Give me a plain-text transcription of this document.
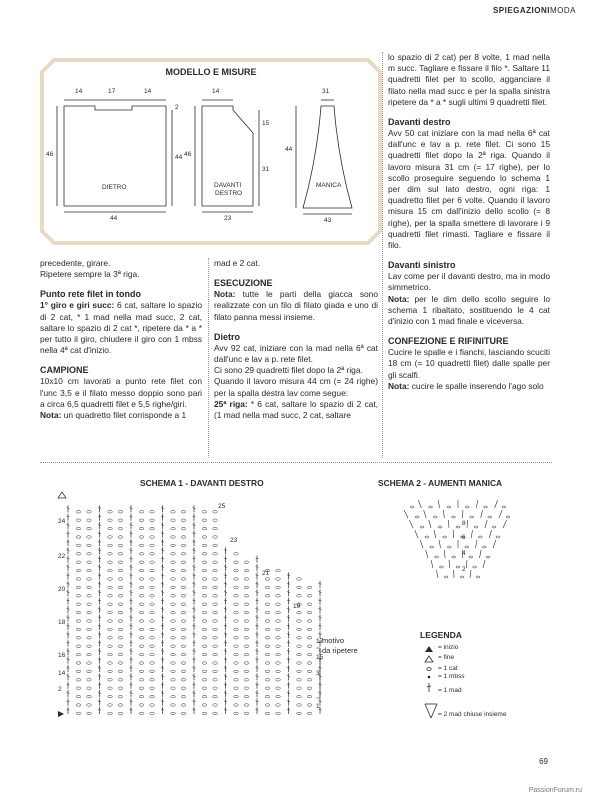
SPIEGAZIONIMODA
MODELLO E MISURE
14	17	14
2
46	44
44
DIETRO
14
15
31
46
23
DAVANTI
DESTRO
31
44
43
MANICA

precedente, girare.

Ripetere sempre la 3ª riga.

Punto rete filet in tondo

1° giro e giri succ: 6 cat, saltare lo spazio di 2 cat, * 1 mad nella mad succ, 2 cat, saltare lo spazio di 2 cat *, ripetere da * a * per tutto il giro, chiudere il giro con 1 mbss nella 4ª cat d'inizio.

CAMPIONE

10x10 cm lavorati a punto rete filet con l'unc 3,5 e il filato messo doppio sono pari a circa 6,5 quadretti filet e 5,5 righe/giri.

Nota: un quadretto filet corrisponde a 1

mad e 2 cat.

ESECUZIONE

Nota: tutte le parti della giacca sono realizzate con un filo di filato giada e uno di filato panna messi insieme.

Dietro

Avv 92 cat, iniziare con la mad nella 6ª cat dall'unc e lav a p. rete filet.

Ci sono 29 quadretti filet dopo la 2ª riga.

Quando il lavoro misura 44 cm (= 24 righe) per la spalla destra lav come segue:

25ª riga: * 6 cat, saltare lo spazio di 2 cat, (1 mad nella mad succ, 2 cat, saltare

lo spazio di 2 cat) per 8 volte, 1 mad nella m succ. Tagliare e fissare il filo *. Saltare 11 quadretti filet per lo scollo, agganciare il filato nella mad succ e per la spalla sinistra ripetere da * a * sugli ultimi 9 quadretti filet.

Davanti destro

Avv 50 cat iniziare con la mad nella 6ª cat dall'unc e lav a p. rete filet. Ci sono 15 quadretti filet dopo la 2ª riga. Quando il lavoro misura 31 cm (= 17 righe), per lo scollo proseguire seguendo lo schema 1 per dim sul lato destro, ogni riga: 1 quadretto filet per 6 volte. Quando il lavoro misura 15 cm dall'inizio dello scollo (= 8 righe), per la spalla smettere di lavorare i 9 quadretti filet rimasti. Tagliare e fissare il filo.

Davanti sinistro

Lav come per il davanti destro, ma in modo simmetrico.

Nota: per le dim dello scollo seguire lo schema 1 ribaltato, sostituendo le 4 cat d'inizio con 1 mad finale e viceversa.

CONFEZIONE E RIFINITURE

Cucire le spalle e i fianchi, lasciando scuciti 18 cm (= 10 quadretti filet) dalle spalle per gli scalfi.

Nota: cucire le spalle inserendo l'ago solo

SCHEMA 1 - DAVANTI DESTRO	SCHEMA 2 - AUMENTI MANICA
24
22
20
18
16
14
2
25
23
21
19
17
15
3
1
motivo
da ripetere
8
6
4
2
LEGENDA
= inizio
= fine
= 1 cat
= 1 mbss
= 1 mad
= 2 mad chiuse insieme
69
PassionForum.ru
